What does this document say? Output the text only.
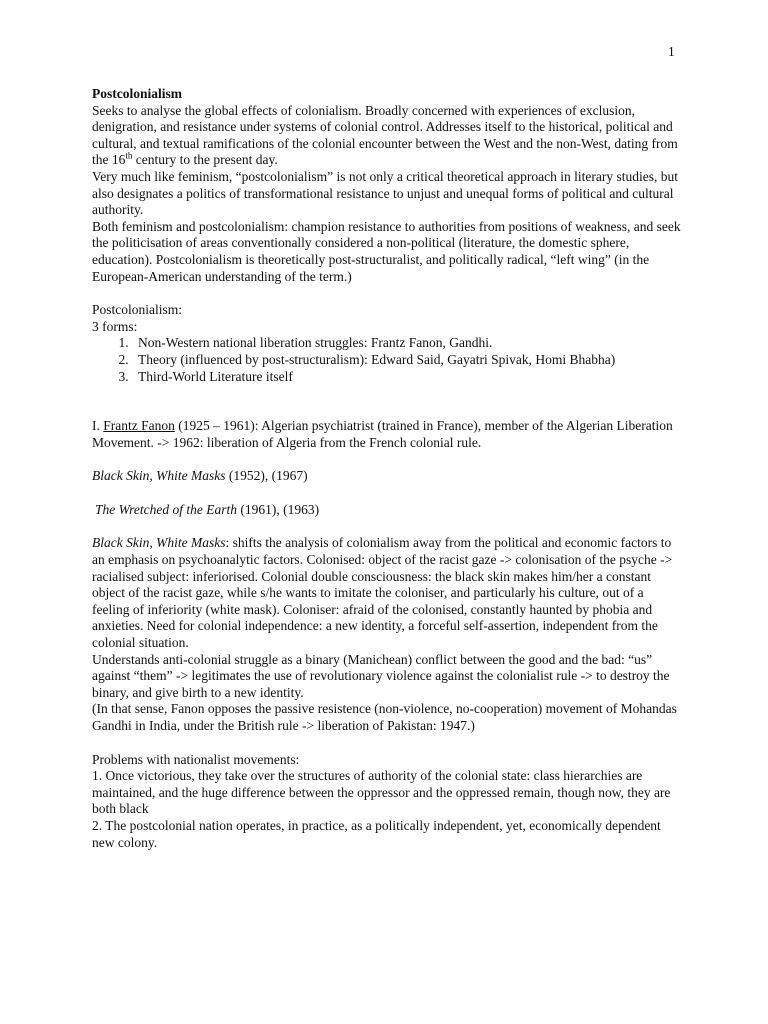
1

Postcolonialism

Seeks to analyse the global effects of colonialism. Broadly concerned with experiences of exclusion, denigration, and resistance under systems of colonial control. Addresses itself to the historical, political and cultural, and textual ramifications of the colonial encounter between the West and the non-West, dating from the 16th century to the present day.

Very much like feminism, “postcolonialism” is not only a critical theoretical approach in literary studies, but also designates a politics of transformational resistance to unjust and unequal forms of political and cultural authority.

Both feminism and postcolonialism: champion resistance to authorities from positions of weakness, and seek the politicisation of areas conventionally considered a non-political (literature, the domestic sphere, education). Postcolonialism is theoretically post-structuralist, and politically radical, “left wing” (in the European-American understanding of the term.)

Postcolonialism:

3 forms:

1. Non-Western national liberation struggles: Frantz Fanon, Gandhi.
2. Theory (influenced by post-structuralism): Edward Said, Gayatri Spivak, Homi Bhabha)
3. Third-World Literature itself

I. Frantz Fanon (1925 – 1961): Algerian psychiatrist (trained in France), member of the Algerian Liberation Movement. -> 1962: liberation of Algeria from the French colonial rule.

Black Skin, White Masks (1952), (1967)

The Wretched of the Earth (1961), (1963)

Black Skin, White Masks: shifts the analysis of colonialism away from the political and economic factors to an emphasis on psychoanalytic factors. Colonised: object of the racist gaze -> colonisation of the psyche -> racialised subject: inferiorised. Colonial double consciousness: the black skin makes him/her a constant object of the racist gaze, while s/he wants to imitate the coloniser, and particularly his culture, out of a feeling of inferiority (white mask). Coloniser: afraid of the colonised, constantly haunted by phobia and anxieties. Need for colonial independence: a new identity, a forceful self-assertion, independent from the colonial situation.

Understands anti-colonial struggle as a binary (Manichean) conflict between the good and the bad: “us” against “them” -> legitimates the use of revolutionary violence against the colonialist rule -> to destroy the binary, and give birth to a new identity.

(In that sense, Fanon opposes the passive resistence (non-violence, no-cooperation) movement of Mohandas Gandhi in India, under the British rule -> liberation of Pakistan: 1947.)

Problems with nationalist movements:

1. Once victorious, they take over the structures of authority of the colonial state: class hierarchies are maintained, and the huge difference between the oppressor and the oppressed remain, though now, they are both black

2. The postcolonial nation operates, in practice, as a politically independent, yet, economically dependent new colony.
